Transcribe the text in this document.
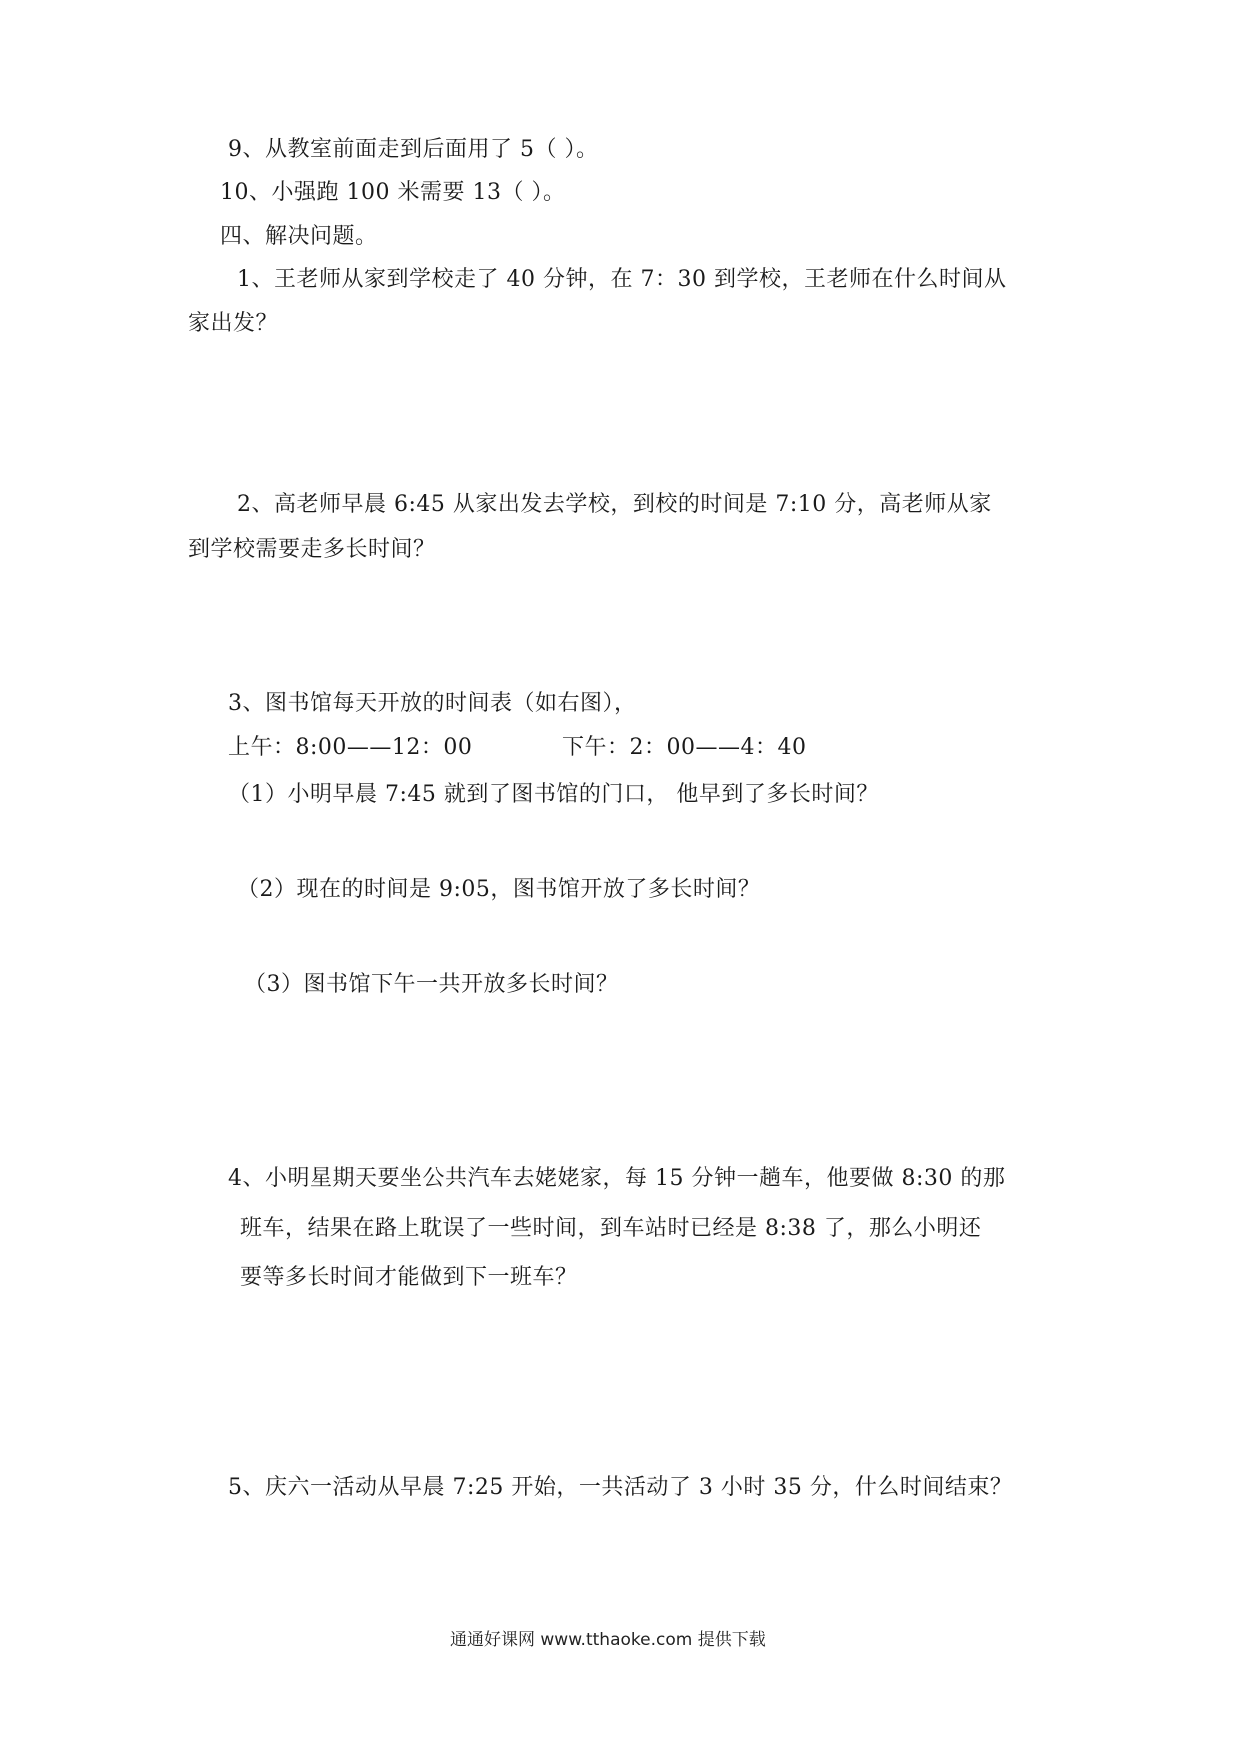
9、从教室前面走到后面用了 5（ ）。
10、小强跑 100 米需要 13（ ）。
四、解决问题。
1、王老师从家到学校走了 40 分钟，在 7：30 到学校，王老师在什么时间从
家出发？
2、高老师早晨 6:45 从家出发去学校，到校的时间是 7:10 分，高老师从家
到学校需要走多长时间？
3、图书馆每天开放的时间表（如右图），
上午：8:00——12：00	下午：2：00——4：40
（1）小明早晨 7:45 就到了图书馆的门口， 他早到了多长时间？
（2）现在的时间是 9:05，图书馆开放了多长时间？
（3）图书馆下午一共开放多长时间？
4、小明星期天要坐公共汽车去姥姥家，每 15 分钟一趟车，他要做 8:30 的那
班车，结果在路上耽误了一些时间，到车站时已经是 8:38 了，那么小明还
要等多长时间才能做到下一班车？
5、庆六一活动从早晨 7:25 开始，一共活动了 3 小时 35 分，什么时间结束？
通通好课网 www.tthaoke.com 提供下载
